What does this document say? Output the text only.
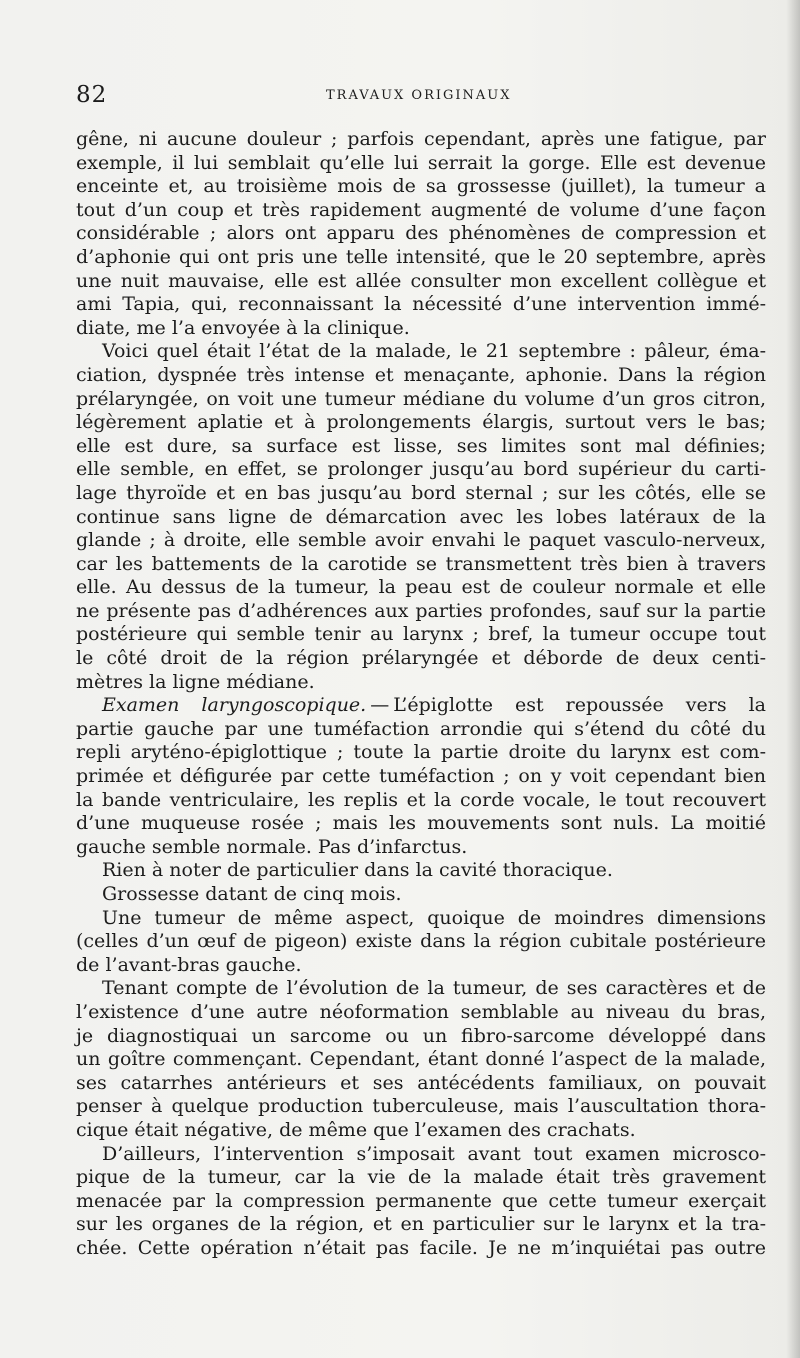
82	TRAVAUX ORIGINAUX
gêne, ni aucune douleur ; parfois cependant, après une fatigue, par
exemple, il lui semblait qu’elle lui serrait la gorge. Elle est devenue
enceinte et, au troisième mois de sa grossesse (juillet), la tumeur a
tout d’un coup et très rapidement augmenté de volume d’une façon
considérable ; alors ont apparu des phénomènes de compression et
d’aphonie qui ont pris une telle intensité, que le 20 septembre, après
une nuit mauvaise, elle est allée consulter mon excellent collègue et
ami Tapia, qui, reconnaissant la nécessité d’une intervention immé-
diate, me l’a envoyée à la clinique.
Voici quel était l’état de la malade, le 21 septembre : pâleur, éma-
ciation, dyspnée très intense et menaçante, aphonie. Dans la région
prélaryngée, on voit une tumeur médiane du volume d’un gros citron,
légèrement aplatie et à prolongements élargis, surtout vers le bas;
elle est dure, sa surface est lisse, ses limites sont mal définies;
elle semble, en effet, se prolonger jusqu’au bord supérieur du carti-
lage thyroïde et en bas jusqu’au bord sternal ; sur les côtés, elle se
continue sans ligne de démarcation avec les lobes latéraux de la
glande ; à droite, elle semble avoir envahi le paquet vasculo-nerveux,
car les battements de la carotide se transmettent très bien à travers
elle. Au dessus de la tumeur, la peau est de couleur normale et elle
ne présente pas d’adhérences aux parties profondes, sauf sur la partie
postérieure qui semble tenir au larynx ; bref, la tumeur occupe tout
le côté droit de la région prélaryngée et déborde de deux centi-
mètres la ligne médiane.
Examen laryngoscopique. — L’épiglotte est repoussée vers la
partie gauche par une tuméfaction arrondie qui s’étend du côté du
repli aryténo-épiglottique ; toute la partie droite du larynx est com-
primée et défigurée par cette tuméfaction ; on y voit cependant bien
la bande ventriculaire, les replis et la corde vocale, le tout recouvert
d’une muqueuse rosée ; mais les mouvements sont nuls. La moitié
gauche semble normale. Pas d’infarctus.
Rien à noter de particulier dans la cavité thoracique.
Grossesse datant de cinq mois.
Une tumeur de même aspect, quoique de moindres dimensions
(celles d’un œuf de pigeon) existe dans la région cubitale postérieure
de l’avant-bras gauche.
Tenant compte de l’évolution de la tumeur, de ses caractères et de
l’existence d’une autre néoformation semblable au niveau du bras,
je diagnostiquai un sarcome ou un fibro-sarcome développé dans
un goître commençant. Cependant, étant donné l’aspect de la malade,
ses catarrhes antérieurs et ses antécédents familiaux, on pouvait
penser à quelque production tuberculeuse, mais l’auscultation thora-
cique était négative, de même que l’examen des crachats.
D’ailleurs, l’intervention s’imposait avant tout examen microsco-
pique de la tumeur, car la vie de la malade était très gravement
menacée par la compression permanente que cette tumeur exerçait
sur les organes de la région, et en particulier sur le larynx et la tra-
chée. Cette opération n’était pas facile. Je ne m’inquiétai pas outre
